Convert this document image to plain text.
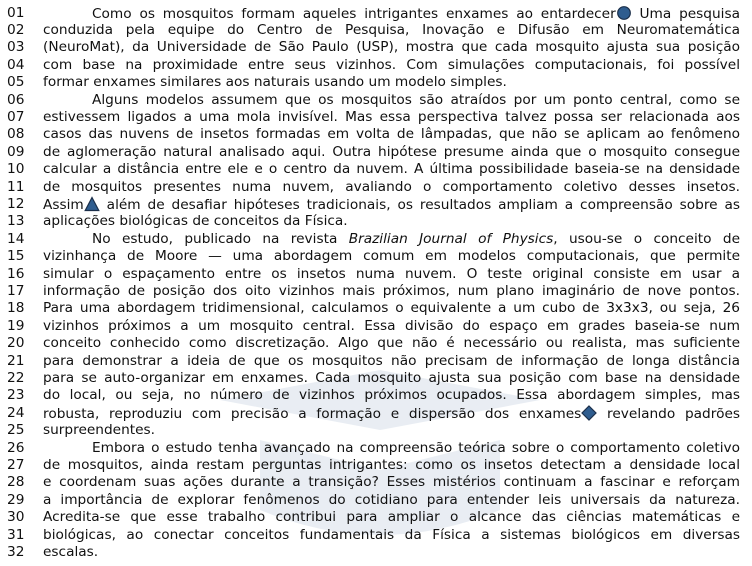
01	Como os mosquitos formam aqueles intrigantes enxames ao entardecer Uma pesquisa
02	conduzida pela equipe do Centro de Pesquisa, Inovação e Difusão em Neuromatemática
03	(NeuroMat), da Universidade de São Paulo (USP), mostra que cada mosquito ajusta sua posição
04	com base na proximidade entre seus vizinhos. Com simulações computacionais, foi possível
05	formar enxames similares aos naturais usando um modelo simples.
06	Alguns modelos assumem que os mosquitos são atraídos por um ponto central, como se
07	estivessem ligados a uma mola invisível. Mas essa perspectiva talvez possa ser relacionada aos
08	casos das nuvens de insetos formadas em volta de lâmpadas, que não se aplicam ao fenômeno
09	de aglomeração natural analisado aqui. Outra hipótese presume ainda que o mosquito consegue
10	calcular a distância entre ele e o centro da nuvem. A última possibilidade baseia-se na densidade
11	de mosquitos presentes numa nuvem, avaliando o comportamento coletivo desses insetos.
12	Assim além de desafiar hipóteses tradicionais, os resultados ampliam a compreensão sobre as
13	aplicações biológicas de conceitos da Física.
14	No estudo, publicado na revista Brazilian Journal of Physics, usou-se o conceito de
15	vizinhança de Moore — uma abordagem comum em modelos computacionais, que permite
16	simular o espaçamento entre os insetos numa nuvem. O teste original consiste em usar a
17	informação de posição dos oito vizinhos mais próximos, num plano imaginário de nove pontos.
18	Para uma abordagem tridimensional, calculamos o equivalente a um cubo de 3x3x3, ou seja, 26
19	vizinhos próximos a um mosquito central. Essa divisão do espaço em grades baseia-se num
20	conceito conhecido como discretização. Algo que não é necessário ou realista, mas suficiente
21	para demonstrar a ideia de que os mosquitos não precisam de informação de longa distância
22	para se auto-organizar em enxames. Cada mosquito ajusta sua posição com base na densidade
23	do local, ou seja, no número de vizinhos próximos ocupados. Essa abordagem simples, mas
24	robusta, reproduziu com precisão a formação e dispersão dos enxames revelando padrões
25	surpreendentes.
26	Embora o estudo tenha avançado na compreensão teórica sobre o comportamento coletivo
27	de mosquitos, ainda restam perguntas intrigantes: como os insetos detectam a densidade local
28	e coordenam suas ações durante a transição? Esses mistérios continuam a fascinar e reforçam
29	a importância de explorar fenômenos do cotidiano para entender leis universais da natureza.
30	Acredita-se que esse trabalho contribui para ampliar o alcance das ciências matemáticas e
31	biológicas, ao conectar conceitos fundamentais da Física a sistemas biológicos em diversas
32	escalas.
